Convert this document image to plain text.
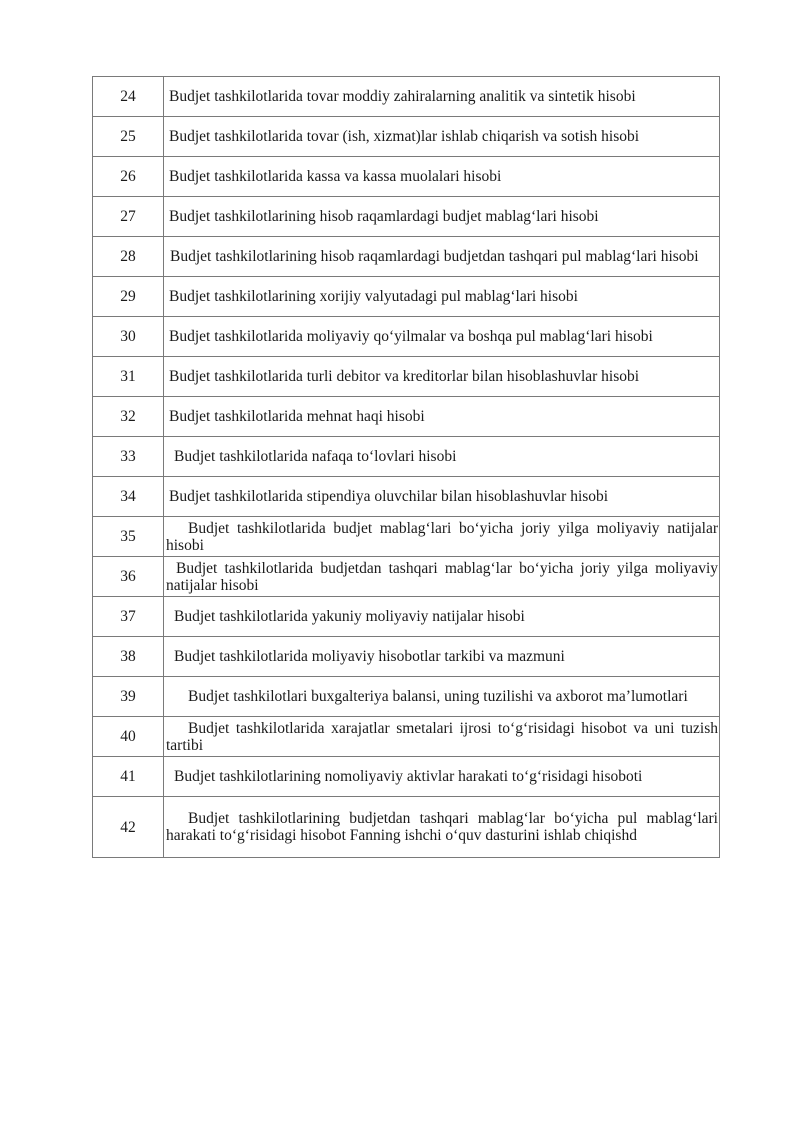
24	Budjet tashkilotlarida tovar moddiy zahiralarning analitik va sintetik hisobi
25	Budjet tashkilotlarida tovar (ish, xizmat)lar ishlab chiqarish va sotish hisobi
26	Budjet tashkilotlarida kassa va kassa muolalari hisobi
27	Budjet tashkilotlarining hisob raqamlardagi budjet mablag‘lari hisobi
28	Budjet tashkilotlarining hisob raqamlardagi budjetdan tashqari pul mablag‘lari hisobi
29	Budjet tashkilotlarining xorijiy valyutadagi pul mablag‘lari hisobi
30	Budjet tashkilotlarida moliyaviy qo‘yilmalar va boshqa pul mablag‘lari hisobi
31	Budjet tashkilotlarida turli debitor va kreditorlar bilan hisoblashuvlar hisobi
32	Budjet tashkilotlarida mehnat haqi hisobi
33	Budjet tashkilotlarida nafaqa to‘lovlari hisobi
34	Budjet tashkilotlarida stipendiya oluvchilar bilan hisoblashuvlar hisobi
35	Budjet tashkilotlarida budjet mablag‘lari bo‘yicha joriy yilga moliyaviy natijalar hisobi
36	Budjet tashkilotlarida budjetdan tashqari mablag‘lar bo‘yicha joriy yilga moliyaviy natijalar hisobi
37	Budjet tashkilotlarida yakuniy moliyaviy natijalar hisobi
38	Budjet tashkilotlarida moliyaviy hisobotlar tarkibi va mazmuni
39	Budjet tashkilotlari buxgalteriya balansi, uning tuzilishi va axborot ma’lumotlari
40	Budjet tashkilotlarida xarajatlar smetalari ijrosi to‘g‘risidagi hisobot va uni tuzish tartibi
41	Budjet tashkilotlarining nomoliyaviy aktivlar harakati to‘g‘risidagi hisoboti
42	Budjet tashkilotlarining budjetdan tashqari mablag‘lar bo‘yicha pul mablag‘lari harakati to‘g‘risidagi hisobot Fanning ishchi o‘quv dasturini ishlab chiqishd
